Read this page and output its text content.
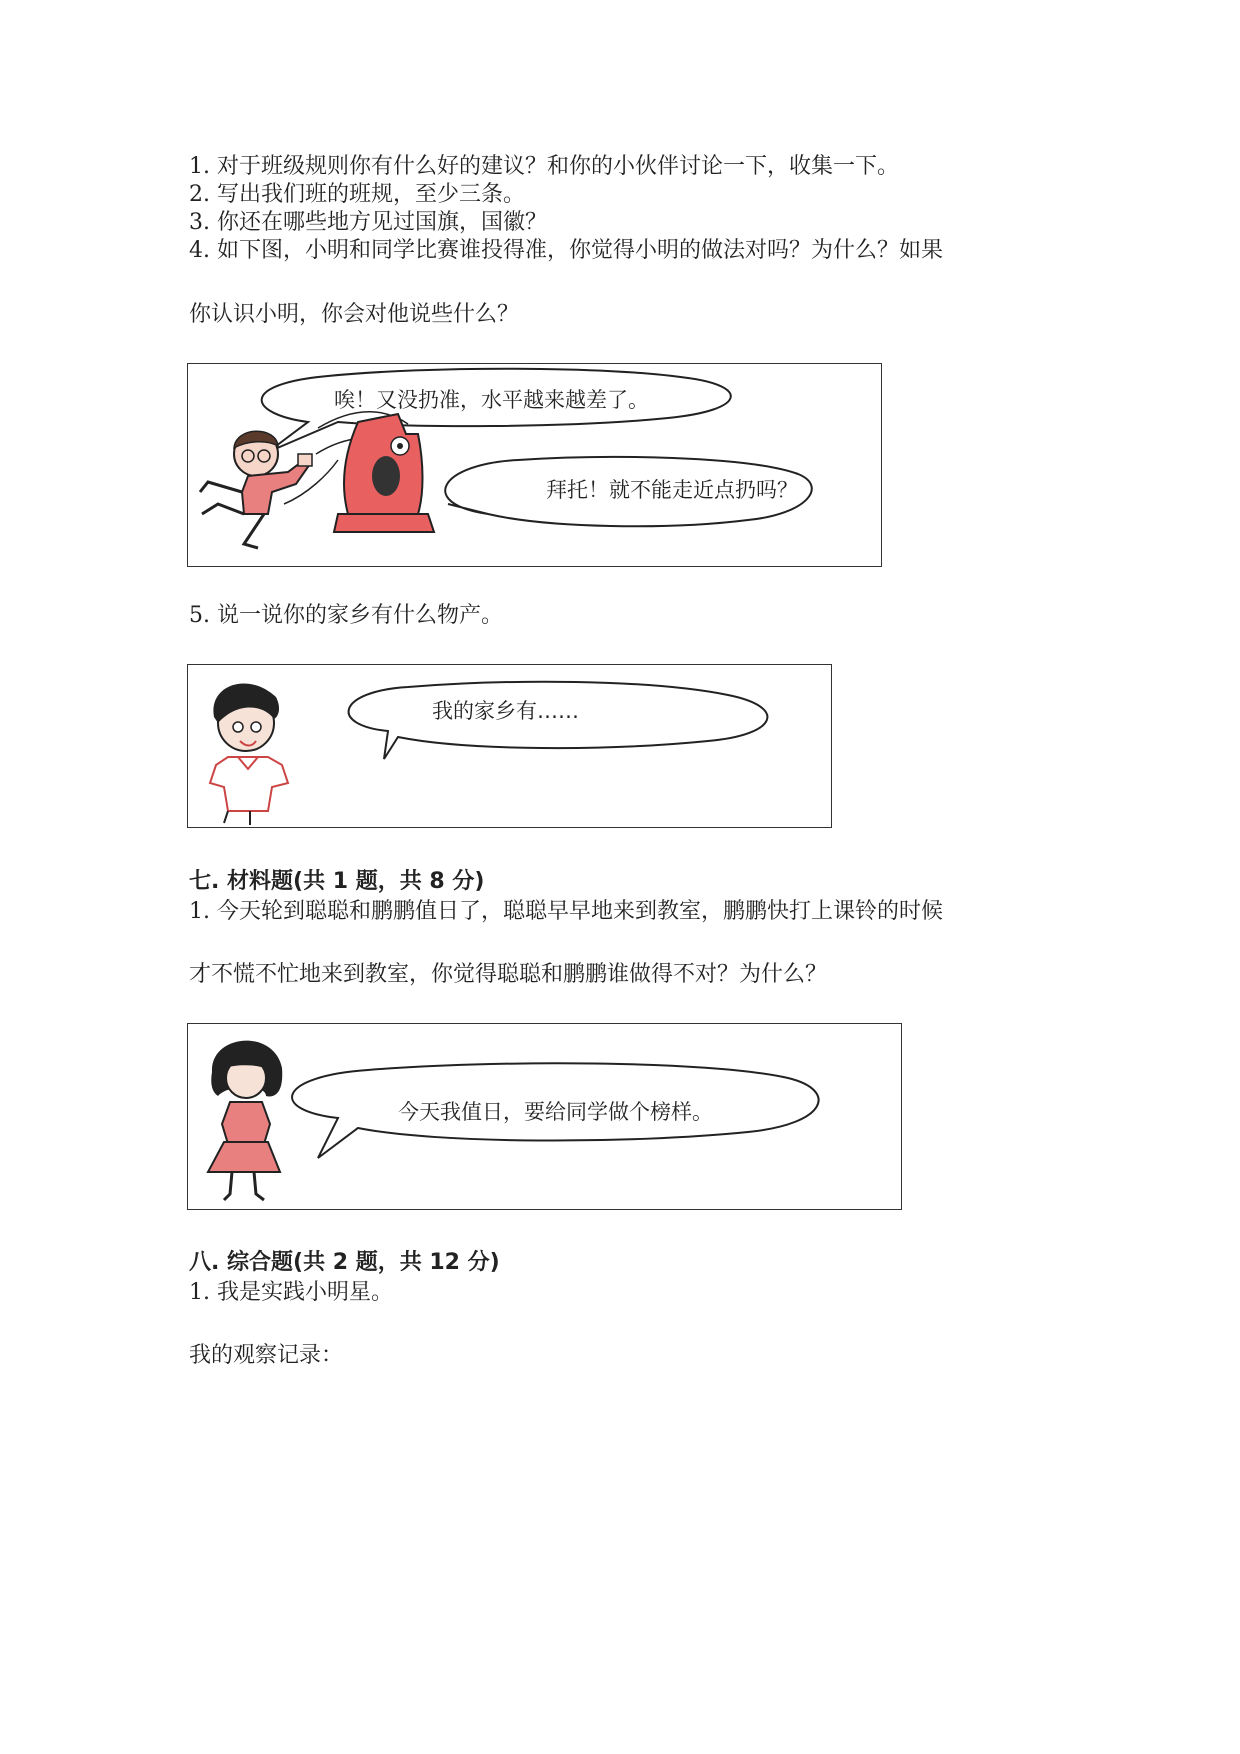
1. 对于班级规则你有什么好的建议？和你的小伙伴讨论一下，收集一下。
2. 写出我们班的班规，至少三条。
3. 你还在哪些地方见过国旗，国徽？
4. 如下图，小明和同学比赛谁投得准，你觉得小明的做法对吗？为什么？如果
你认识小明，你会对他说些什么？
唉！又没扔准，水平越来越差了。
拜托！就不能走近点扔吗？
5. 说一说你的家乡有什么物产。
我的家乡有……
七. 材料题(共 1 题，共 8 分)
1. 今天轮到聪聪和鹏鹏值日了，聪聪早早地来到教室，鹏鹏快打上课铃的时候
才不慌不忙地来到教室，你觉得聪聪和鹏鹏谁做得不对？为什么？
今天我值日，要给同学做个榜样。
八. 综合题(共 2 题，共 12 分)
1. 我是实践小明星。
我的观察记录：
